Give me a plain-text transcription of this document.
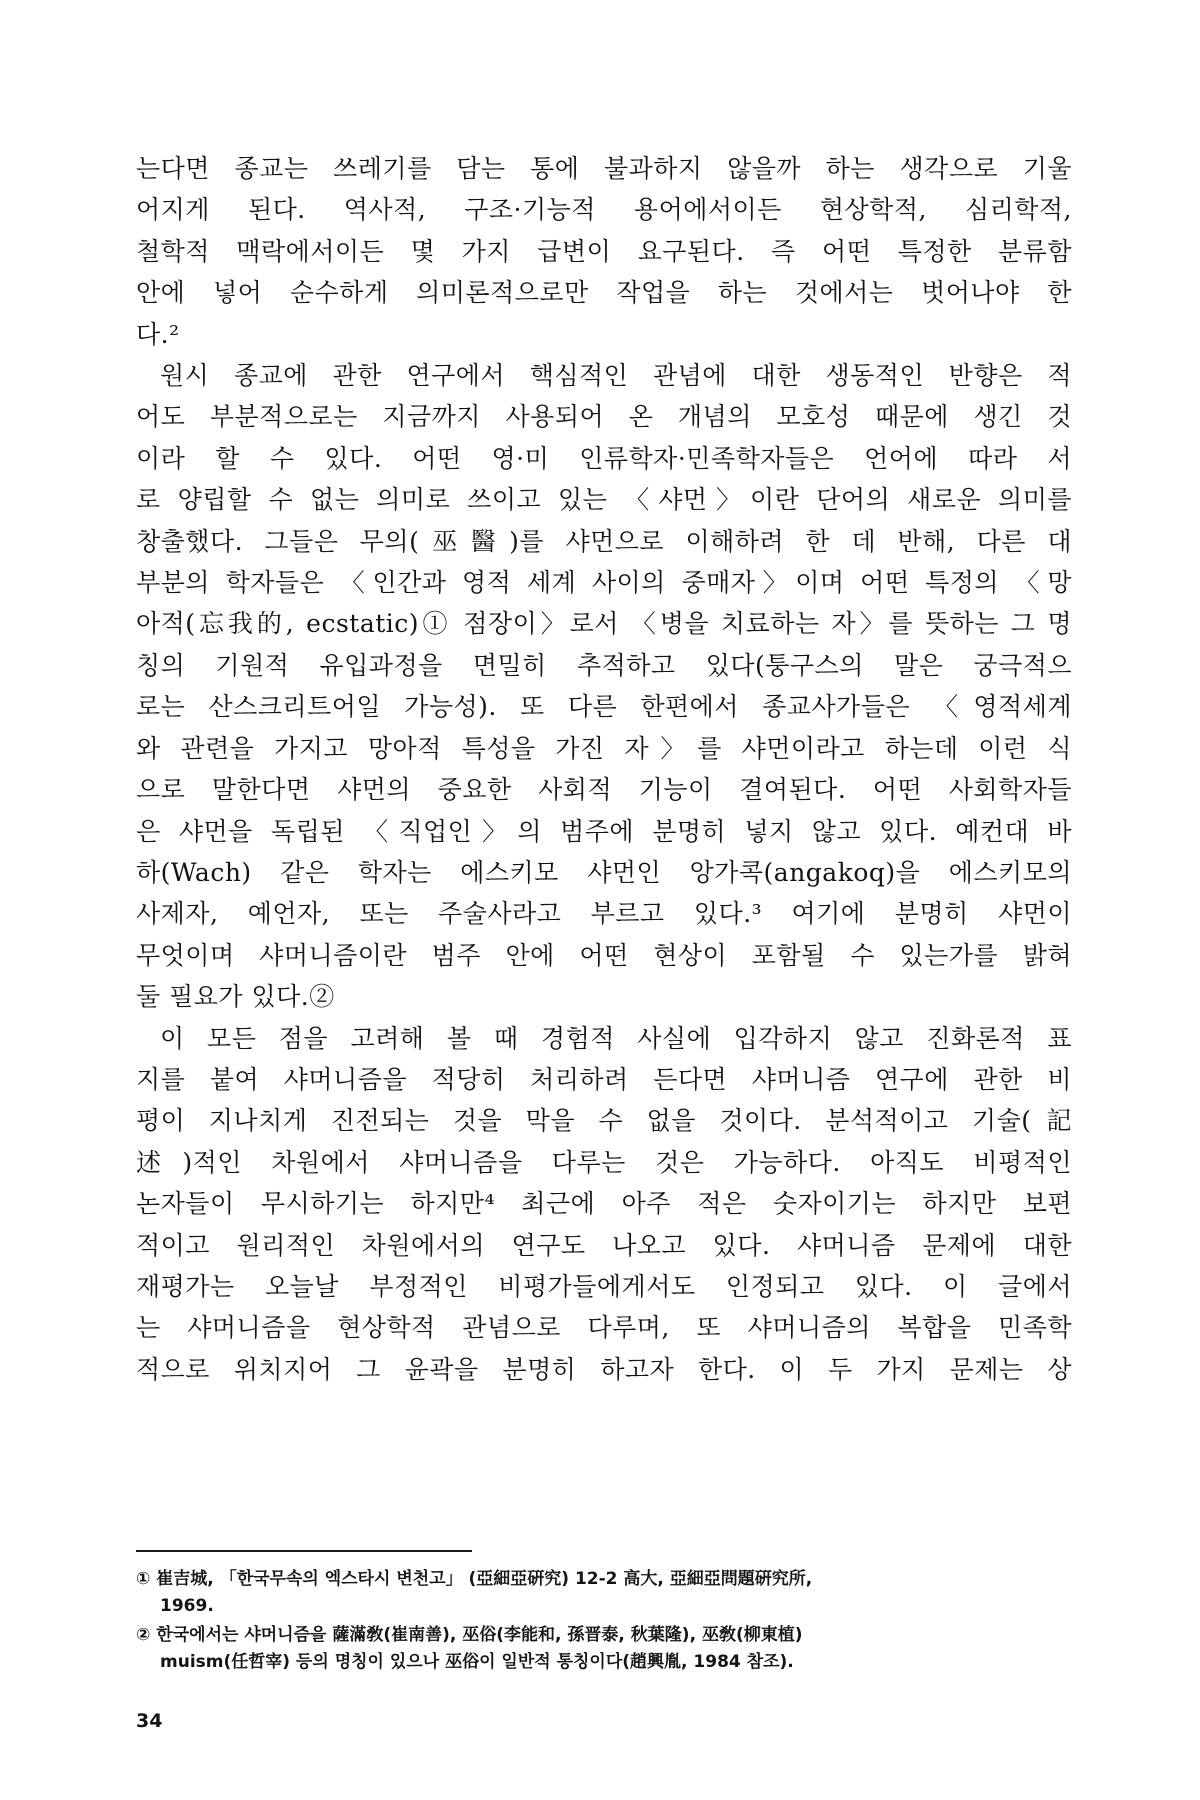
는다면 종교는 쓰레기를 담는 통에 불과하지 않을까 하는 생각으로 기울
어지게 된다. 역사적, 구조·기능적 용어에서이든 현상학적, 심리학적,
철학적 맥락에서이든 몇 가지 급변이 요구된다. 즉 어떤 특정한 분류함
안에 넣어 순수하게 의미론적으로만 작업을 하는 것에서는 벗어나야 한
다.²

원시 종교에 관한 연구에서 핵심적인 관념에 대한 생동적인 반향은 적
어도 부분적으로는 지금까지 사용되어 온 개념의 모호성 때문에 생긴 것
이라 할 수 있다. 어떤 영·미 인류학자·민족학자들은 언어에 따라 서
로 양립할 수 없는 의미로 쓰이고 있는 〈샤먼〉이란 단어의 새로운 의미를
창출했다. 그들은 무의(巫醫)를 샤먼으로 이해하려 한 데 반해, 다른 대
부분의 학자들은 〈인간과 영적 세계 사이의 중매자〉이며 어떤 특정의 〈망
아적(忘我的, ecstatic)① 점장이〉로서 〈병을 치료하는 자〉를 뜻하는 그 명
칭의 기원적 유입과정을 면밀히 추적하고 있다(퉁구스의 말은 궁극적으
로는 산스크리트어일 가능성). 또 다른 한편에서 종교사가들은 〈영적세계
와 관련을 가지고 망아적 특성을 가진 자〉를 샤먼이라고 하는데 이런 식
으로 말한다면 샤먼의 중요한 사회적 기능이 결여된다. 어떤 사회학자들
은 샤먼을 독립된 〈직업인〉의 범주에 분명히 넣지 않고 있다. 예컨대 바
하(Wach) 같은 학자는 에스키모 샤먼인 앙가콕(angakoq)을 에스키모의
사제자, 예언자, 또는 주술사라고 부르고 있다.³ 여기에 분명히 샤먼이
무엇이며 샤머니즘이란 범주 안에 어떤 현상이 포함될 수 있는가를 밝혀
둘 필요가 있다.②

이 모든 점을 고려해 볼 때 경험적 사실에 입각하지 않고 진화론적 표
지를 붙여 샤머니즘을 적당히 처리하려 든다면 샤머니즘 연구에 관한 비
평이 지나치게 진전되는 것을 막을 수 없을 것이다. 분석적이고 기술(記
述)적인 차원에서 샤머니즘을 다루는 것은 가능하다. 아직도 비평적인
논자들이 무시하기는 하지만⁴ 최근에 아주 적은 숫자이기는 하지만 보편
적이고 원리적인 차원에서의 연구도 나오고 있다. 샤머니즘 문제에 대한
재평가는 오늘날 부정적인 비평가들에게서도 인정되고 있다. 이 글에서
는 샤머니즘을 현상학적 관념으로 다루며, 또 샤머니즘의 복합을 민족학
적으로 위치지어 그 윤곽을 분명히 하고자 한다. 이 두 가지 문제는 상

① 崔吉城, 「한국무속의 엑스타시 변천고」 (亞細亞硏究) 12-2 高大, 亞細亞問題硏究所,
1969.

② 한국에서는 샤머니즘을 薩滿敎(崔南善), 巫俗(李能和, 孫晋泰, 秋葉隆), 巫敎(柳東植)
muism(任哲宰) 등의 명칭이 있으나 巫俗이 일반적 통칭이다(趙興胤, 1984 참조).

34
